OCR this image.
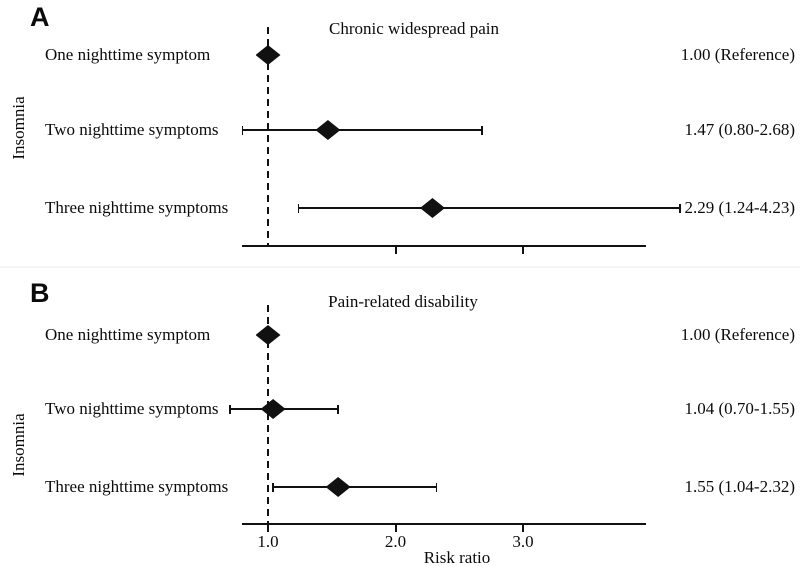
A	Chronic widespread pain
Insomnia
One nighttime symptom	1.00 (Reference)
Two nighttime symptoms	1.47 (0.80-2.68)
Three nighttime symptoms	2.29 (1.24-4.23)
B	Pain-related disability
Insomnia
1.0	2.0	3.0
Risk ratio
One nighttime symptom	1.00 (Reference)
Two nighttime symptoms	1.04 (0.70-1.55)
Three nighttime symptoms	1.55 (1.04-2.32)
